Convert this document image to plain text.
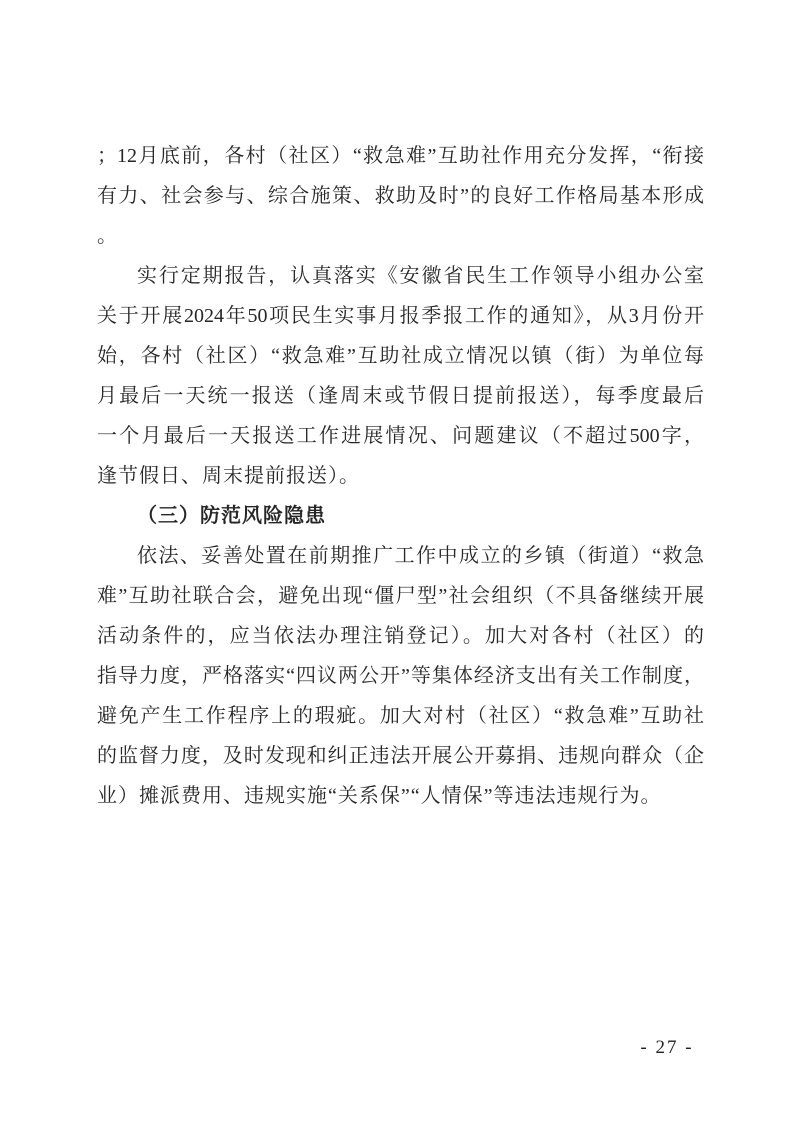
；12月底前，各村（社区）“救急难”互助社作用充分发挥，“衔接
有力、社会参与、综合施策、救助及时”的良好工作格局基本形成
。
实行定期报告，认真落实《安徽省民生工作领导小组办公室
关于开展2024年50项民生实事月报季报工作的通知》，从3月份开
始，各村（社区）“救急难”互助社成立情况以镇（街）为单位每
月最后一天统一报送（逢周末或节假日提前报送），每季度最后
一个月最后一天报送工作进展情况、问题建议（不超过500字，
逢节假日、周末提前报送）。
（三）防范风险隐患
依法、妥善处置在前期推广工作中成立的乡镇（街道）“救急
难”互助社联合会，避免出现“僵尸型”社会组织（不具备继续开展
活动条件的，应当依法办理注销登记）。加大对各村（社区）的
指导力度，严格落实“四议两公开”等集体经济支出有关工作制度，
避免产生工作程序上的瑕疵。加大对村（社区）“救急难”互助社
的监督力度，及时发现和纠正违法开展公开募捐、违规向群众（企
业）摊派费用、违规实施“关系保”“人情保”等违法违规行为。
- 27 -
